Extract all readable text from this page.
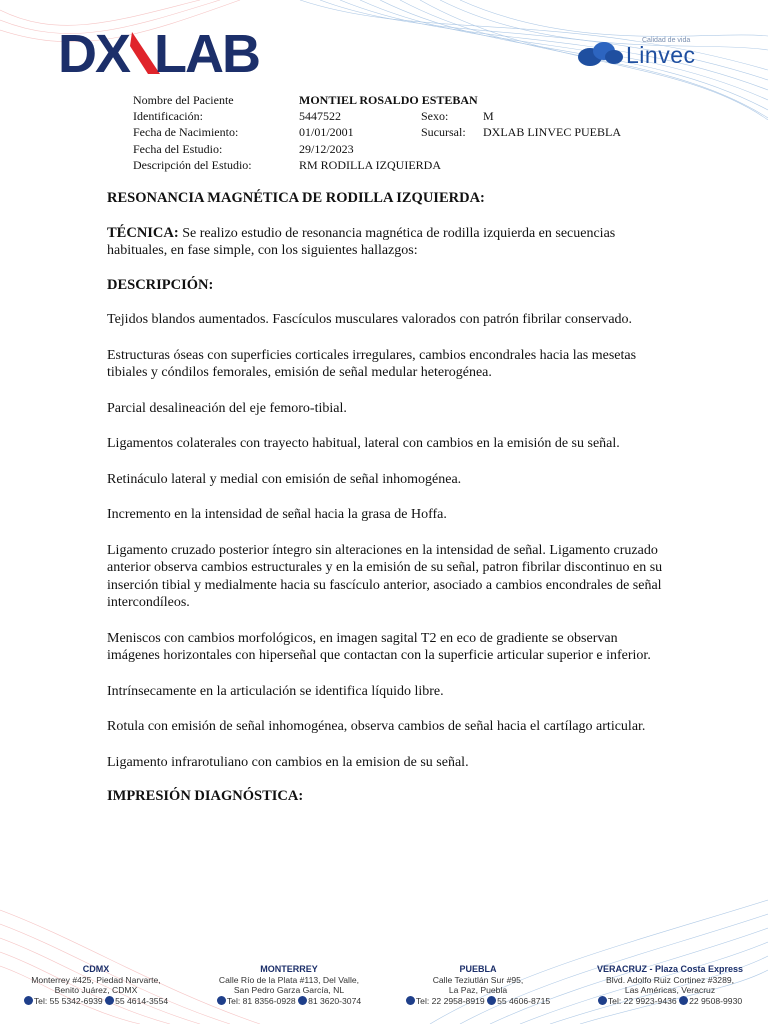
DX LAB	Calidad de vida
Linvec
Nombre del Paciente	MONTIEL ROSALDO ESTEBAN
Identificación:	5447522	Sexo:	M
Fecha de Nacimiento:	01/01/2001	Sucursal: DXLAB LINVEC PUEBLA
Fecha del Estudio:	29/12/2023
Descripción del Estudio:	RM RODILLA IZQUIERDA

RESONANCIA MAGNÉTICA DE RODILLA IZQUIERDA:

TÉCNICA: Se realizo estudio de resonancia magnética de rodilla izquierda en secuencias habituales, en fase simple, con los siguientes hallazgos:

DESCRIPCIÓN:

Tejidos blandos aumentados. Fascículos musculares valorados con patrón fibrilar conservado.

Estructuras óseas con superficies corticales irregulares, cambios encondrales hacia las mesetas tibiales y cóndilos femorales, emisión de señal medular heterogénea.

Parcial desalineación del eje femoro-tibial.

Ligamentos colaterales con trayecto habitual, lateral con cambios en la emisión de su señal.

Retináculo lateral y medial con emisión de señal inhomogénea.

Incremento en la intensidad de señal hacia la grasa de Hoffa.

Ligamento cruzado posterior íntegro sin alteraciones en la intensidad de señal. Ligamento cruzado anterior observa cambios estructurales y en la emisión de su señal, patron fibrilar discontinuo en su inserción tibial y medialmente hacia su fascículo anterior, asociado a cambios encondrales de señal intercondíleos.

Meniscos con cambios morfológicos, en imagen sagital T2 en eco de gradiente se observan imágenes horizontales con hiperseñal que contactan con la superficie articular superior e inferior.

Intrínsecamente en la articulación se identifica líquido libre.

Rotula con emisión de señal inhomogénea, observa cambios de señal hacia el cartílago articular.

Ligamento infrarotuliano con cambios en la emision de su señal.

IMPRESIÓN DIAGNÓSTICA:

CDMX
Monterrey #425, Piedad Narvarte,
Benito Juárez, CDMX
Tel: 55 5342-6939 55 4614-3554
MONTERREY
Calle Río de la Plata #113, Del Valle,
San Pedro Garza García, NL
Tel: 81 8356-0928 81 3620-3074
PUEBLA
Calle Teziutlán Sur #95,
La Paz, Puebla
Tel: 22 2958-8919 55 4606-8715
VERACRUZ - Plaza Costa Express
Blvd. Adolfo Ruiz Cortinez #3289,
Las Américas, Veracruz
Tel: 22 9923-9436 22 9508-9930
